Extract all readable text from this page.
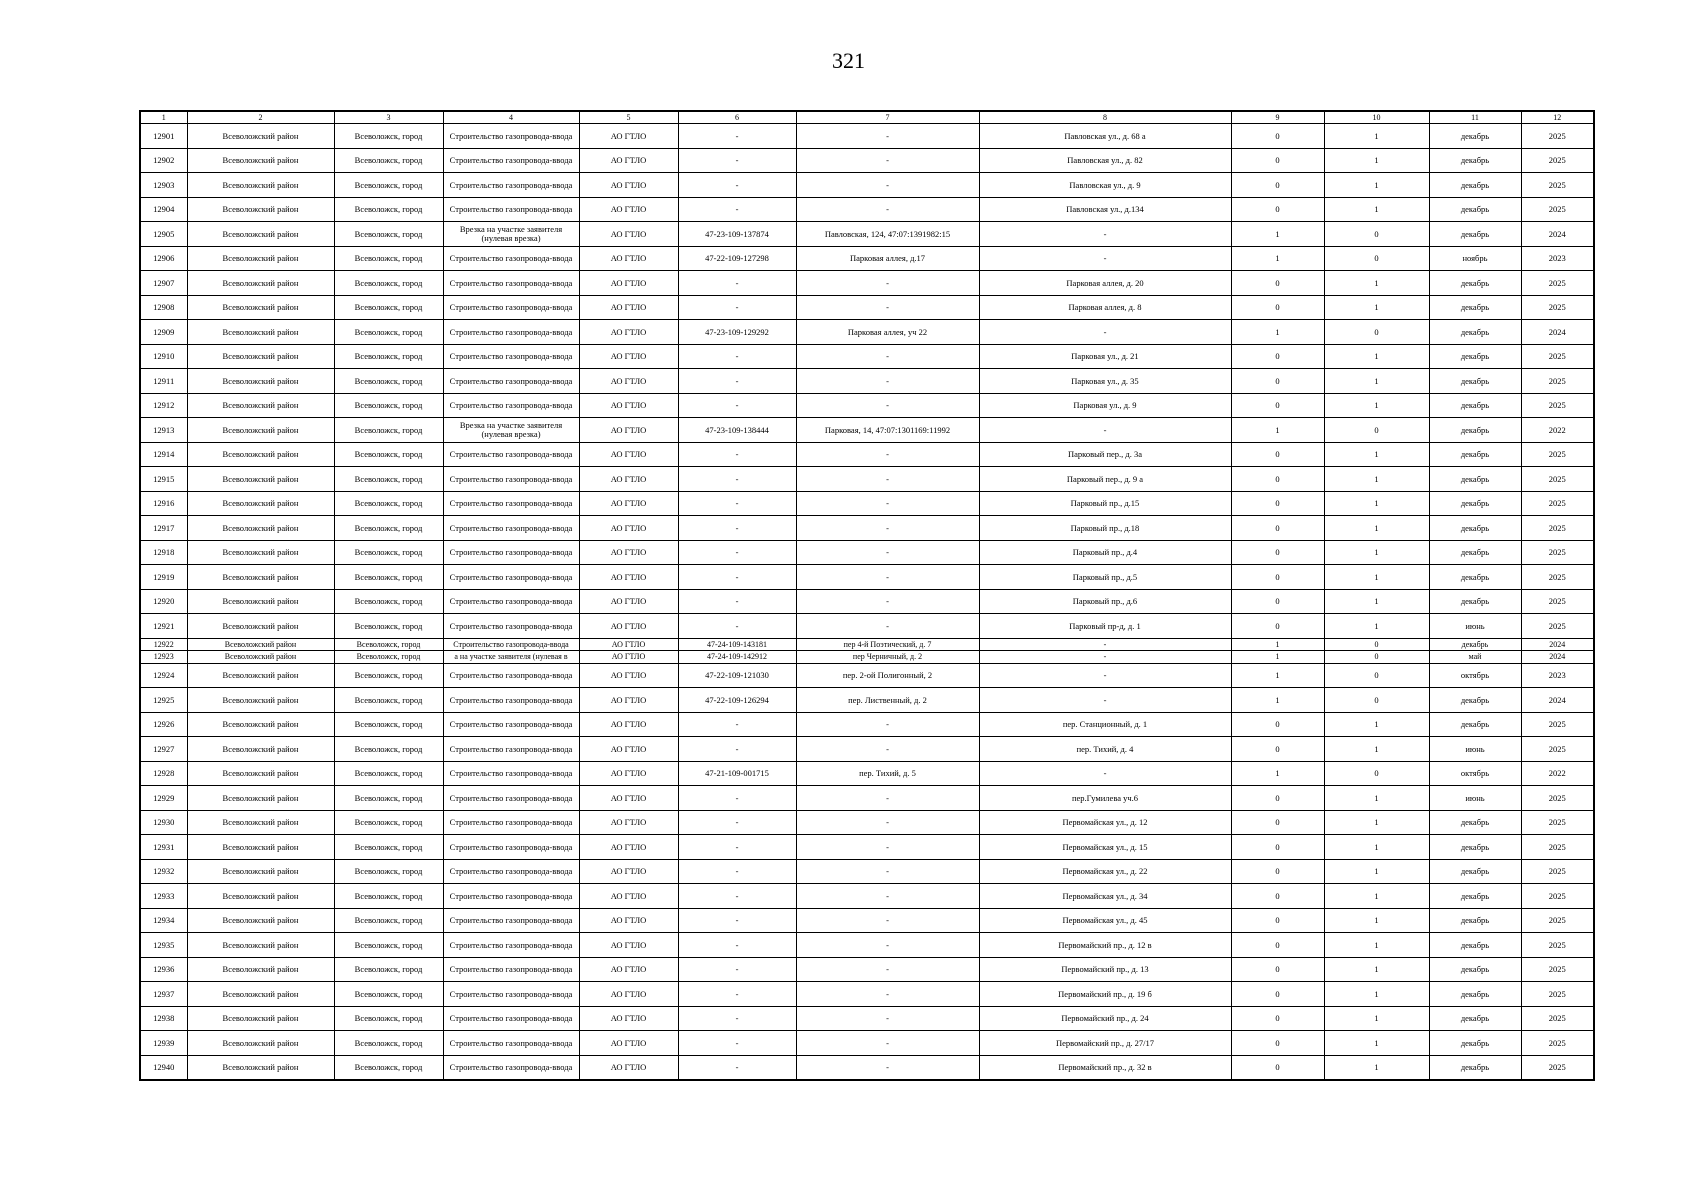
321
1	2	3	4	5	6	7	8	9	10	11	12
12901	Всеволожский район	Всеволожск, город	Строительство газопровода-ввода	АО ГТЛО	-	-	Павловская ул., д. 68 а	0	1	декабрь	2025
12902	Всеволожский район	Всеволожск, город	Строительство газопровода-ввода	АО ГТЛО	-	-	Павловская ул., д. 82	0	1	декабрь	2025
12903	Всеволожский район	Всеволожск, город	Строительство газопровода-ввода	АО ГТЛО	-	-	Павловская ул., д. 9	0	1	декабрь	2025
12904	Всеволожский район	Всеволожск, город	Строительство газопровода-ввода	АО ГТЛО	-	-	Павловская ул., д.134	0	1	декабрь	2025
12905	Всеволожский район	Всеволожск, город	Врезка на участке заявителя (нулевая врезка)	АО ГТЛО	47-23-109-137874	Павловская, 124, 47:07:1391982:15	-	1	0	декабрь	2024
12906	Всеволожский район	Всеволожск, город	Строительство газопровода-ввода	АО ГТЛО	47-22-109-127298	Парковая аллея, д.17	-	1	0	ноябрь	2023
12907	Всеволожский район	Всеволожск, город	Строительство газопровода-ввода	АО ГТЛО	-	-	Парковая аллея, д. 20	0	1	декабрь	2025
12908	Всеволожский район	Всеволожск, город	Строительство газопровода-ввода	АО ГТЛО	-	-	Парковая аллея, д. 8	0	1	декабрь	2025
12909	Всеволожский район	Всеволожск, город	Строительство газопровода-ввода	АО ГТЛО	47-23-109-129292	Парковая аллея, уч 22	-	1	0	декабрь	2024
12910	Всеволожский район	Всеволожск, город	Строительство газопровода-ввода	АО ГТЛО	-	-	Парковая ул., д. 21	0	1	декабрь	2025
12911	Всеволожский район	Всеволожск, город	Строительство газопровода-ввода	АО ГТЛО	-	-	Парковая ул., д. 35	0	1	декабрь	2025
12912	Всеволожский район	Всеволожск, город	Строительство газопровода-ввода	АО ГТЛО	-	-	Парковая ул., д. 9	0	1	декабрь	2025
12913	Всеволожский район	Всеволожск, город	Врезка на участке заявителя (нулевая врезка)	АО ГТЛО	47-23-109-138444	Парковая, 14, 47:07:1301169:11992	-	1	0	декабрь	2022
12914	Всеволожский район	Всеволожск, город	Строительство газопровода-ввода	АО ГТЛО	-	-	Парковый пер., д. 3а	0	1	декабрь	2025
12915	Всеволожский район	Всеволожск, город	Строительство газопровода-ввода	АО ГТЛО	-	-	Парковый пер., д. 9 а	0	1	декабрь	2025
12916	Всеволожский район	Всеволожск, город	Строительство газопровода-ввода	АО ГТЛО	-	-	Парковый пр., д.15	0	1	декабрь	2025
12917	Всеволожский район	Всеволожск, город	Строительство газопровода-ввода	АО ГТЛО	-	-	Парковый пр., д.18	0	1	декабрь	2025
12918	Всеволожский район	Всеволожск, город	Строительство газопровода-ввода	АО ГТЛО	-	-	Парковый пр., д.4	0	1	декабрь	2025
12919	Всеволожский район	Всеволожск, город	Строительство газопровода-ввода	АО ГТЛО	-	-	Парковый пр., д.5	0	1	декабрь	2025
12920	Всеволожский район	Всеволожск, город	Строительство газопровода-ввода	АО ГТЛО	-	-	Парковый пр., д.6	0	1	декабрь	2025
12921	Всеволожский район	Всеволожск, город	Строительство газопровода-ввода	АО ГТЛО	-	-	Парковый пр-д, д. 1	0	1	июнь	2025
12922	Всеволожский район	Всеволожск, город	Строительство газопровода-ввода	АО ГТЛО	47-24-109-143181	пер 4-й Поэтический, д. 7	-	1	0	декабрь	2024
12923	Всеволожский район	Всеволожск, город	а на участке заявителя (нулевая в	АО ГТЛО	47-24-109-142912	пер Черничный, д. 2	-	1	0	май	2024
12924	Всеволожский район	Всеволожск, город	Строительство газопровода-ввода	АО ГТЛО	47-22-109-121030	пер. 2-ой Полигонный, 2	-	1	0	октябрь	2023
12925	Всеволожский район	Всеволожск, город	Строительство газопровода-ввода	АО ГТЛО	47-22-109-126294	пер. Лиственный, д. 2	-	1	0	декабрь	2024
12926	Всеволожский район	Всеволожск, город	Строительство газопровода-ввода	АО ГТЛО	-	-	пер. Станционный, д. 1	0	1	декабрь	2025
12927	Всеволожский район	Всеволожск, город	Строительство газопровода-ввода	АО ГТЛО	-	-	пер. Тихий, д. 4	0	1	июнь	2025
12928	Всеволожский район	Всеволожск, город	Строительство газопровода-ввода	АО ГТЛО	47-21-109-001715	пер. Тихий, д. 5	-	1	0	октябрь	2022
12929	Всеволожский район	Всеволожск, город	Строительство газопровода-ввода	АО ГТЛО	-	-	пер.Гумилева уч.6	0	1	июнь	2025
12930	Всеволожский район	Всеволожск, город	Строительство газопровода-ввода	АО ГТЛО	-	-	Первомайская ул., д. 12	0	1	декабрь	2025
12931	Всеволожский район	Всеволожск, город	Строительство газопровода-ввода	АО ГТЛО	-	-	Первомайская ул., д. 15	0	1	декабрь	2025
12932	Всеволожский район	Всеволожск, город	Строительство газопровода-ввода	АО ГТЛО	-	-	Первомайская ул., д. 22	0	1	декабрь	2025
12933	Всеволожский район	Всеволожск, город	Строительство газопровода-ввода	АО ГТЛО	-	-	Первомайская ул., д. 34	0	1	декабрь	2025
12934	Всеволожский район	Всеволожск, город	Строительство газопровода-ввода	АО ГТЛО	-	-	Первомайская ул., д. 45	0	1	декабрь	2025
12935	Всеволожский район	Всеволожск, город	Строительство газопровода-ввода	АО ГТЛО	-	-	Первомайский пр., д. 12 в	0	1	декабрь	2025
12936	Всеволожский район	Всеволожск, город	Строительство газопровода-ввода	АО ГТЛО	-	-	Первомайский пр., д. 13	0	1	декабрь	2025
12937	Всеволожский район	Всеволожск, город	Строительство газопровода-ввода	АО ГТЛО	-	-	Первомайский пр., д. 19 б	0	1	декабрь	2025
12938	Всеволожский район	Всеволожск, город	Строительство газопровода-ввода	АО ГТЛО	-	-	Первомайский пр., д. 24	0	1	декабрь	2025
12939	Всеволожский район	Всеволожск, город	Строительство газопровода-ввода	АО ГТЛО	-	-	Первомайский пр., д. 27/17	0	1	декабрь	2025
12940	Всеволожский район	Всеволожск, город	Строительство газопровода-ввода	АО ГТЛО	-	-	Первомайский пр., д. 32 в	0	1	декабрь	2025
